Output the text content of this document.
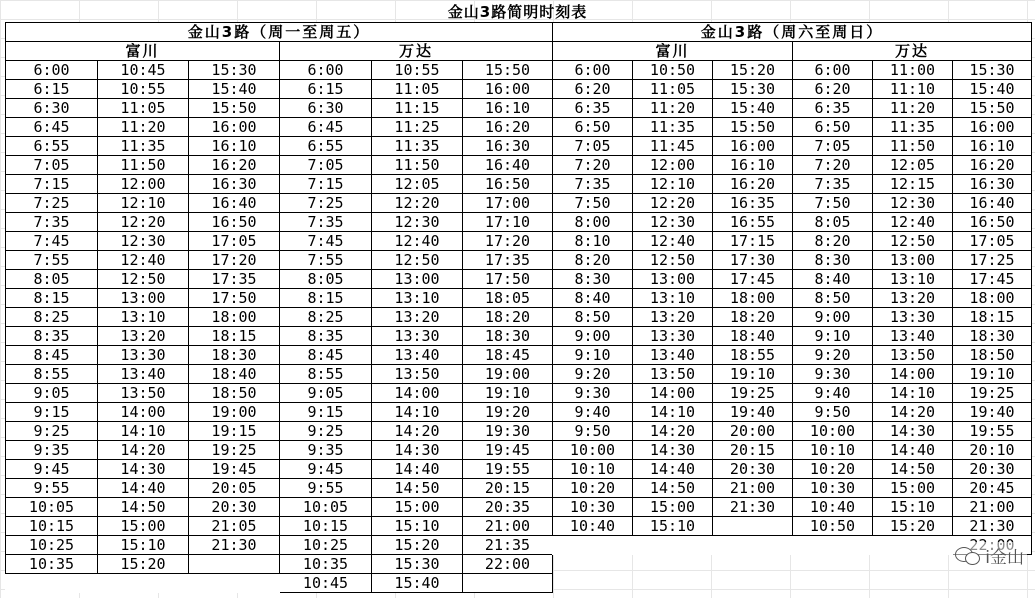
金山3路简明时刻表
金山3路（周一至周五）					
富川			万达		
6:00	10:45	15:30	6:00	10:55	15:50
6:15	10:55	15:40	6:15	11:05	16:00
6:30	11:05	15:50	6:30	11:15	16:10
6:45	11:20	16:00	6:45	11:25	16:20
6:55	11:35	16:10	6:55	11:35	16:30
7:05	11:50	16:20	7:05	11:50	16:40
7:15	12:00	16:30	7:15	12:05	16:50
7:25	12:10	16:40	7:25	12:20	17:00
7:35	12:20	16:50	7:35	12:30	17:10
7:45	12:30	17:05	7:45	12:40	17:20
7:55	12:40	17:20	7:55	12:50	17:35
8:05	12:50	17:35	8:05	13:00	17:50
8:15	13:00	17:50	8:15	13:10	18:05
8:25	13:10	18:00	8:25	13:20	18:20
8:35	13:20	18:15	8:35	13:30	18:30
8:45	13:30	18:30	8:45	13:40	18:45
8:55	13:40	18:40	8:55	13:50	19:00
9:05	13:50	18:50	9:05	14:00	19:10
9:15	14:00	19:00	9:15	14:10	19:20
9:25	14:10	19:15	9:25	14:20	19:30
9:35	14:20	19:25	9:35	14:30	19:45
9:45	14:30	19:45	9:45	14:40	19:55
9:55	14:40	20:05	9:55	14:50	20:15
10:05	14:50	20:30	10:05	15:00	20:35
10:15	15:00	21:05	10:15	15:10	21:00
10:25	15:10	21:30	10:25	15:20	21:35
10:35	15:20		10:35	15:30	22:00
			10:45	15:40	
金山3路（周六至周日）					
富川			万达		
6:00	10:50	15:20	6:00	11:00	15:30
6:20	11:05	15:30	6:20	11:10	15:40
6:35	11:20	15:40	6:35	11:20	15:50
6:50	11:35	15:50	6:50	11:35	16:00
7:05	11:45	16:00	7:05	11:50	16:10
7:20	12:00	16:10	7:20	12:05	16:20
7:35	12:10	16:20	7:35	12:15	16:30
7:50	12:20	16:35	7:50	12:30	16:40
8:00	12:30	16:55	8:05	12:40	16:50
8:10	12:40	17:15	8:20	12:50	17:05
8:20	12:50	17:30	8:30	13:00	17:25
8:30	13:00	17:45	8:40	13:10	17:45
8:40	13:10	18:00	8:50	13:20	18:00
8:50	13:20	18:20	9:00	13:30	18:15
9:00	13:30	18:40	9:10	13:40	18:30
9:10	13:40	18:55	9:20	13:50	18:50
9:20	13:50	19:10	9:30	14:00	19:10
9:30	14:00	19:25	9:40	14:10	19:25
9:40	14:10	19:40	9:50	14:20	19:40
9:50	14:20	20:00	10:00	14:30	19:55
10:00	14:30	20:15	10:10	14:40	20:10
10:10	14:40	20:30	10:20	14:50	20:30
10:20	14:50	21:00	10:30	15:00	20:45
10:30	15:00	21:30	10:40	15:10	21:00
10:40	15:10		10:50	15:20	21:30

i金山
